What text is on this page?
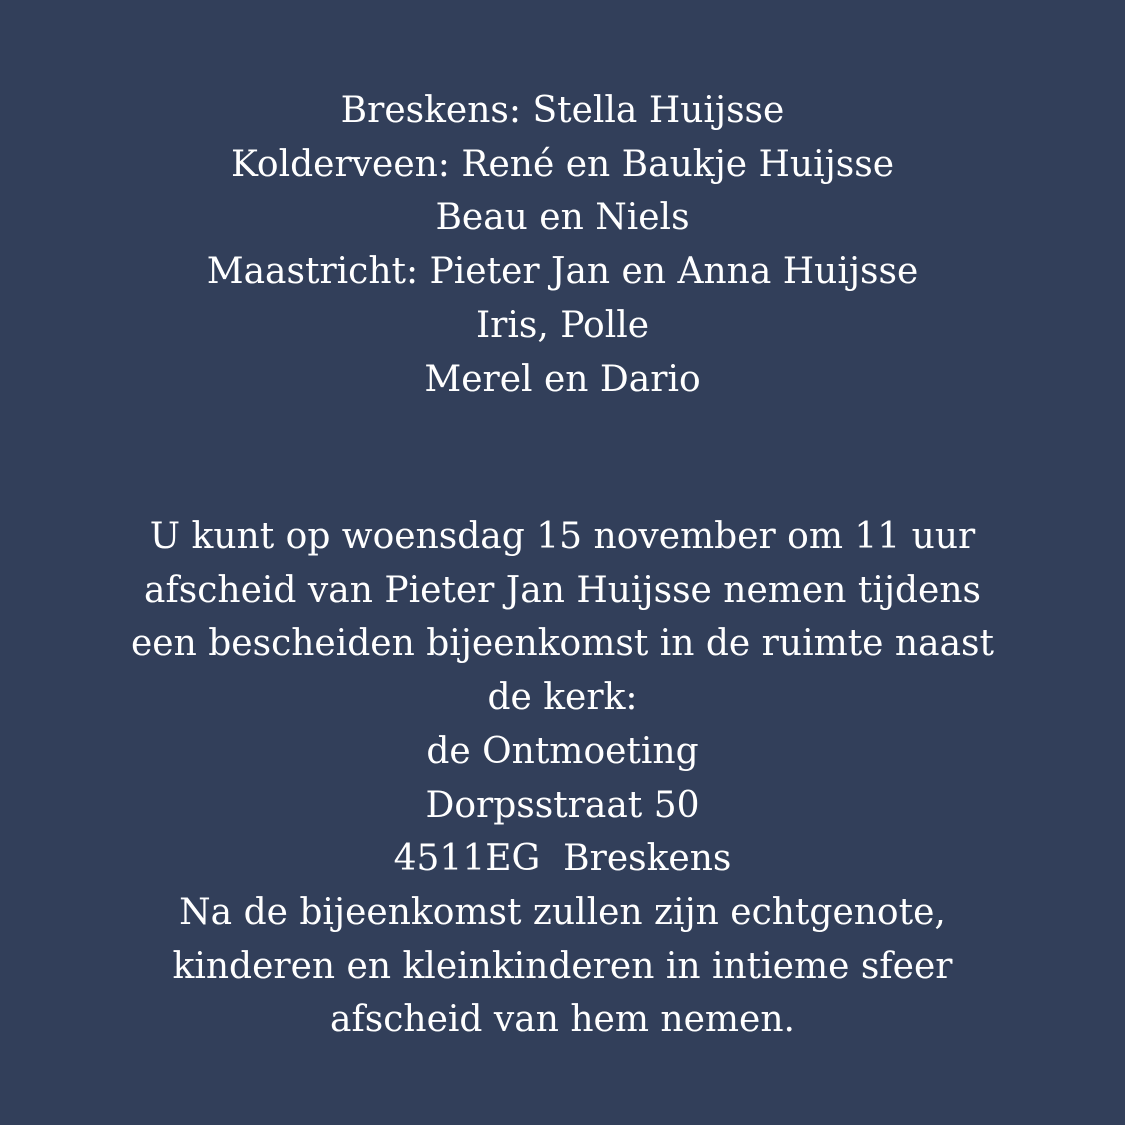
Breskens: Stella Huijsse
Kolderveen: René en Baukje Huijsse
Beau en Niels
Maastricht: Pieter Jan en Anna Huijsse
Iris, Polle
Merel en Dario
U kunt op woensdag 15 november om 11 uur
afscheid van Pieter Jan Huijsse nemen tijdens
een bescheiden bijeenkomst in de ruimte naast
de kerk:
de Ontmoeting
Dorpsstraat 50
4511EG  Breskens
Na de bijeenkomst zullen zijn echtgenote,
kinderen en kleinkinderen in intieme sfeer
afscheid van hem nemen.
